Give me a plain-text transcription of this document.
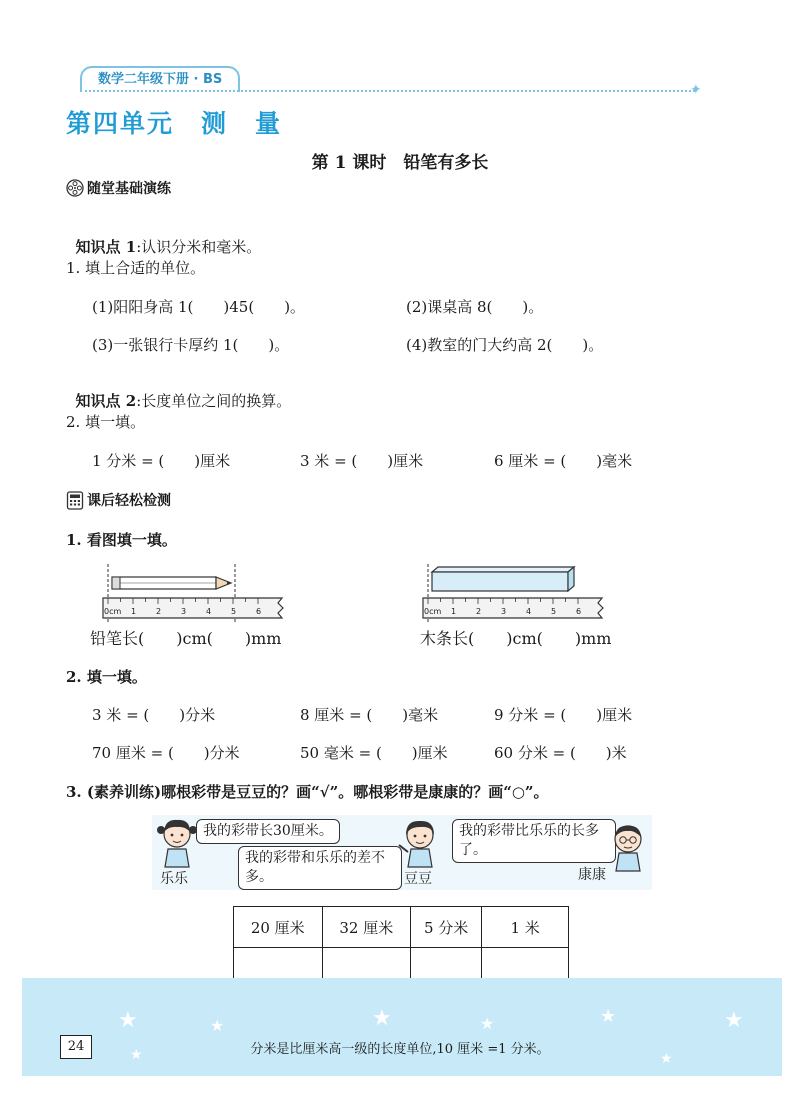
数学二年级下册 · BS
✦
第四单元　测　量
第 1 课时　铅笔有多长
随堂基础演练

知识点 1:认识分米和毫米。

1. 填上合适的单位。
(1)阳阳身高 1(　　)45(　　)。	(2)课桌高 8(　　)。
(3)一张银行卡厚约 1(　　)。	(4)教室的门大约高 2(　　)。

知识点 2:长度单位之间的换算。

2. 填一填。
1 分米 = (　　)厘米	3 米 = (　　)厘米	6 厘米 = (　　)毫米
课后轻松检测
1. 看图填一填。
0cm 1 2 3 4 5 6
铅笔长(　　)cm(　　)mm
0cm 1 2 3 4 5 6
木条长(　　)cm(　　)mm
2. 填一填。
3 米 = (　　)分米	8 厘米 = (　　)毫米	9 分米 = (　　)厘米
70 厘米 = (　　)分米	50 毫米 = (　　)厘米	60 分米 = (　　)米
3. (素养训练)哪根彩带是豆豆的？画“√”。哪根彩带是康康的？画“○”。
我的彩带长30厘米。
我的彩带和乐乐的差不多。
乐乐	豆豆
我的彩带比乐乐的长多了。
康康
20 厘米	32 厘米	5 分米	1 米

★	★	★	★	★	★
★	★
24	分米是比厘米高一级的长度单位,10 厘米 =1 分米。
